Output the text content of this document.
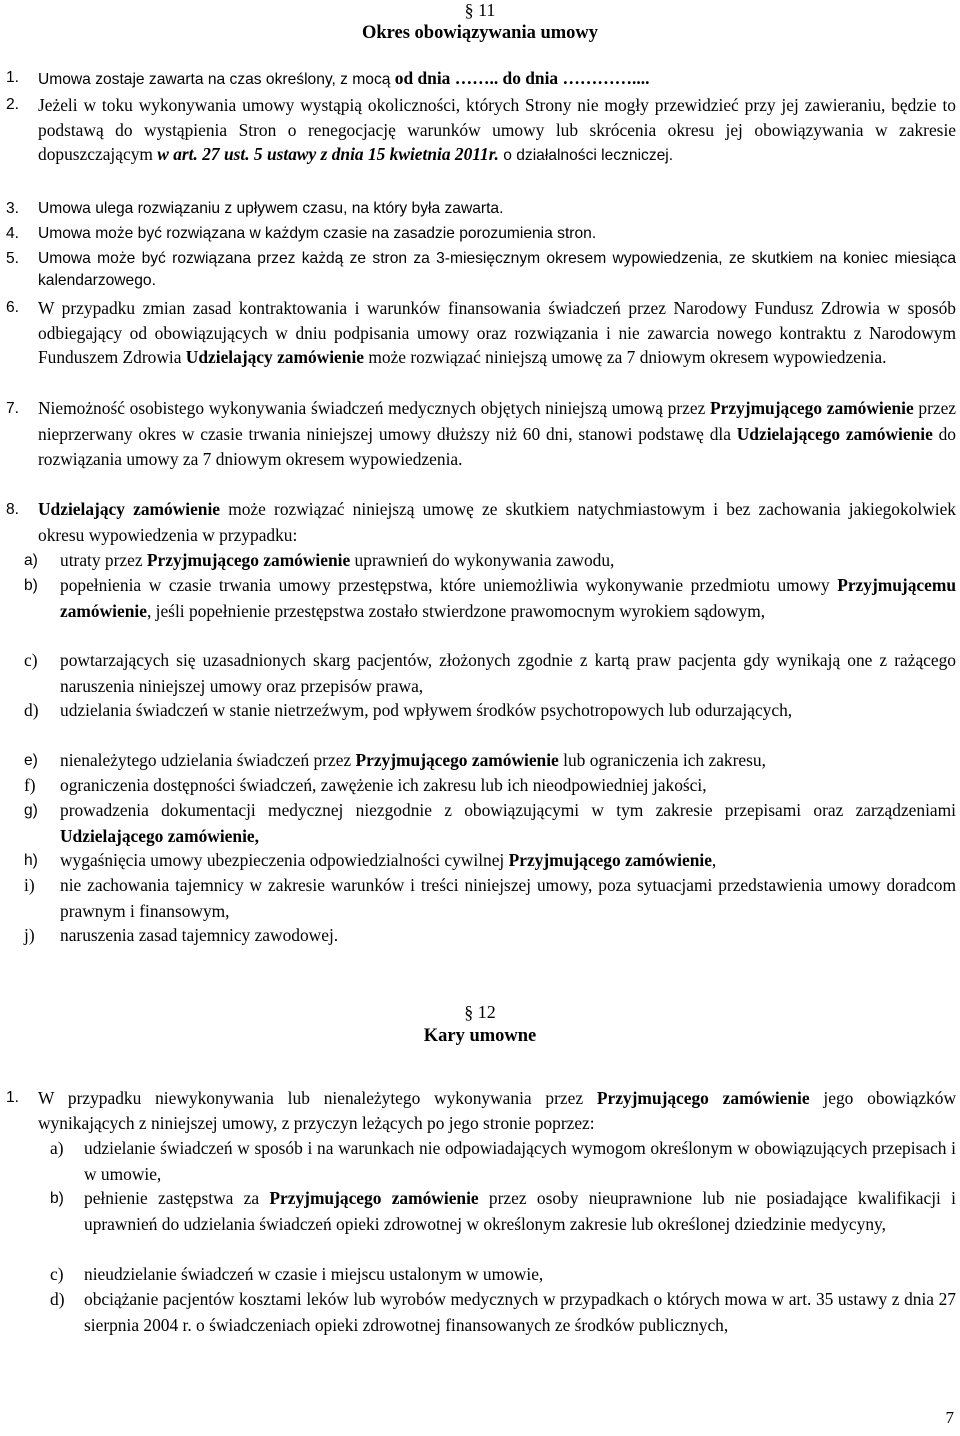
§ 11
Okres obowiązywania umowy
1. Umowa zostaje zawarta na czas określony, z mocą od dnia …….. do dnia …………....
2. Jeżeli w toku wykonywania umowy wystąpią okoliczności, których Strony nie mogły przewidzieć przy jej zawieraniu, będzie to podstawą do wystąpienia Stron o renegocjację warunków umowy lub skrócenia okresu jej obowiązywania w zakresie dopuszczającym w art. 27 ust. 5 ustawy z dnia 15 kwietnia 2011r. o działalności leczniczej.
3. Umowa ulega rozwiązaniu z upływem czasu, na który była zawarta.
4. Umowa może być rozwiązana w każdym czasie na zasadzie porozumienia stron.
5. Umowa może być rozwiązana przez każdą ze stron za 3-miesięcznym okresem wypowiedzenia, ze skutkiem na koniec miesiąca kalendarzowego.
6. W przypadku zmian zasad kontraktowania i warunków finansowania świadczeń przez Narodowy Fundusz Zdrowia w sposób odbiegający od obowiązujących w dniu podpisania umowy oraz rozwiązania i nie zawarcia nowego kontraktu z Narodowym Funduszem Zdrowia Udzielający zamówienie może rozwiązać niniejszą umowę za 7 dniowym okresem wypowiedzenia.
7. Niemożność osobistego wykonywania świadczeń medycznych objętych niniejszą umową przez Przyjmującego zamówienie przez nieprzerwany okres w czasie trwania niniejszej umowy dłuższy niż 60 dni, stanowi podstawę dla Udzielającego zamówienie do rozwiązania umowy za 7 dniowym okresem wypowiedzenia.
8. Udzielający zamówienie może rozwiązać niniejszą umowę ze skutkiem natychmiastowym i bez zachowania jakiegokolwiek okresu wypowiedzenia w przypadku:
a) utraty przez Przyjmującego zamówienie uprawnień do wykonywania zawodu,
b) popełnienia w czasie trwania umowy przestępstwa, które uniemożliwia wykonywanie przedmiotu umowy Przyjmującemu zamówienie, jeśli popełnienie przestępstwa zostało stwierdzone prawomocnym wyrokiem sądowym,
c) powtarzających się uzasadnionych skarg pacjentów, złożonych zgodnie z kartą praw pacjenta gdy wynikają one z rażącego naruszenia niniejszej umowy oraz przepisów prawa,
d) udzielania świadczeń w stanie nietrzeźwym, pod wpływem środków psychotropowych lub odurzających,
e) nienależytego udzielania świadczeń przez Przyjmującego zamówienie lub ograniczenia ich zakresu,
f) ograniczenia dostępności świadczeń, zawężenie ich zakresu lub ich nieodpowiedniej jakości,
g) prowadzenia dokumentacji medycznej niezgodnie z obowiązującymi w tym zakresie przepisami oraz zarządzeniami Udzielającego zamówienie,
h) wygaśnięcia umowy ubezpieczenia odpowiedzialności cywilnej Przyjmującego zamówienie,
i) nie zachowania tajemnicy w zakresie warunków i treści niniejszej umowy, poza sytuacjami przedstawienia umowy doradcom prawnym i finansowym,
j) naruszenia zasad tajemnicy zawodowej.
§ 12
Kary umowne
1. W przypadku niewykonywania lub nienależytego wykonywania przez Przyjmującego zamówienie jego obowiązków wynikających z niniejszej umowy, z przyczyn leżących po jego stronie poprzez:
a) udzielanie świadczeń w sposób i na warunkach nie odpowiadających wymogom określonym w obowiązujących przepisach i w umowie,
b) pełnienie zastępstwa za Przyjmującego zamówienie przez osoby nieuprawnione lub nie posiadające kwalifikacji i uprawnień do udzielania świadczeń opieki zdrowotnej w określonym zakresie lub określonej dziedzinie medycyny,
c) nieudzielanie świadczeń w czasie i miejscu ustalonym w umowie,
d) obciążanie pacjentów kosztami leków lub wyrobów medycznych w przypadkach o których mowa w art. 35 ustawy z dnia 27 sierpnia 2004 r. o świadczeniach opieki zdrowotnej finansowanych ze środków publicznych,
7
